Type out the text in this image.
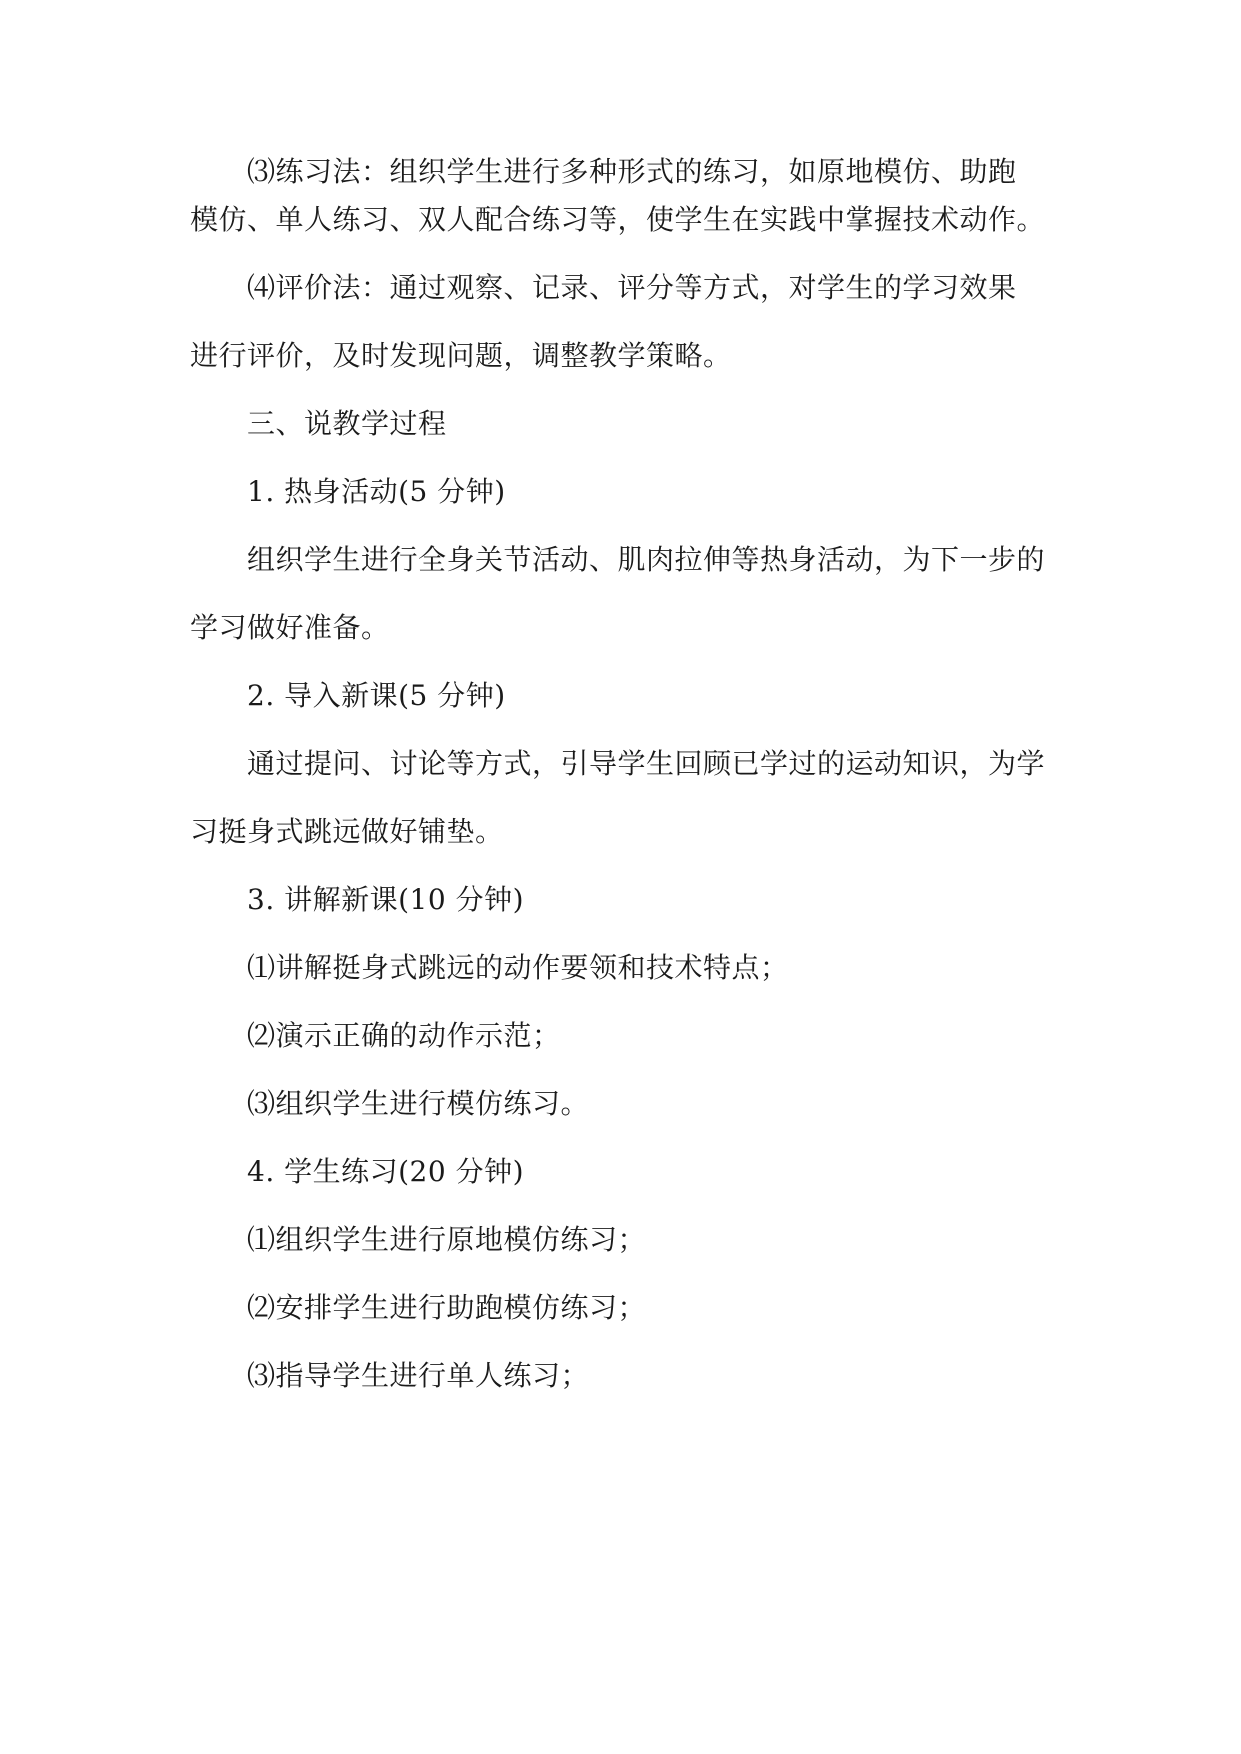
⑶练习法：组织学生进行多种形式的练习，如原地模仿、助跑
模仿、单人练习、双人配合练习等，使学生在实践中掌握技术动作。
⑷评价法：通过观察、记录、评分等方式，对学生的学习效果
进行评价，及时发现问题，调整教学策略。
三、说教学过程
1. 热身活动(5 分钟)
组织学生进行全身关节活动、肌肉拉伸等热身活动，为下一步的
学习做好准备。
2. 导入新课(5 分钟)
通过提问、讨论等方式，引导学生回顾已学过的运动知识，为学
习挺身式跳远做好铺垫。
3. 讲解新课(10 分钟)
⑴讲解挺身式跳远的动作要领和技术特点；
⑵演示正确的动作示范；
⑶组织学生进行模仿练习。
4. 学生练习(20 分钟)
⑴组织学生进行原地模仿练习；
⑵安排学生进行助跑模仿练习；
⑶指导学生进行单人练习；
